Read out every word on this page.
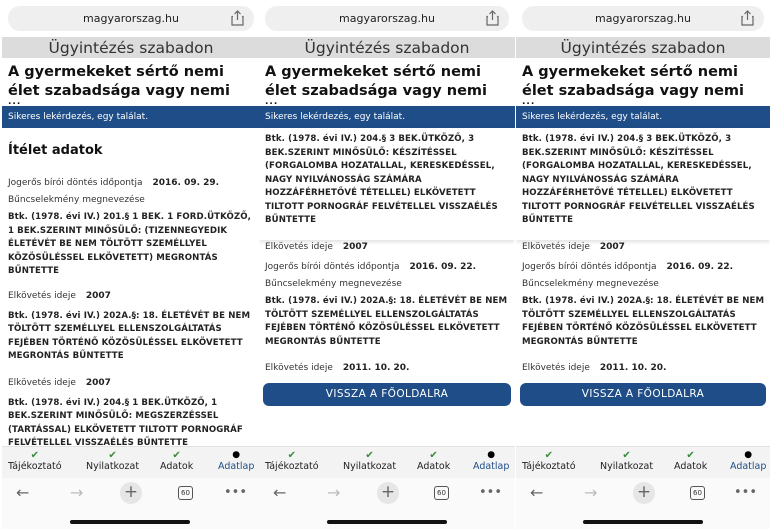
magyarorszag.hu
Ügyintézés szabadon
A gyermekeket sértő nemi élet szabadsága vagy nemi
...
Sikeres lekérdezés, egy találat.
Ítélet adatok
Jogerős bírói döntés időpontja 2016. 09. 29.
Bűncselekmény megnevezése
Btk. (1978. évi IV.) 201.§ 1 BEK. 1 FORD.ÜTKÖZŐ, 1 BEK.SZERINT MINŐSÜLŐ: (TIZENNEGYEDIK ÉLETÉVÉT BE NEM TÖLTÖTT SZEMÉLLYEL KÖZÖSÜLÉSSEL ELKÖVETETT) MEGRONTÁS BŰNTETTE
Elkövetés ideje 2007
Btk. (1978. évi IV.) 202A.§: 18. ÉLETÉVÉT BE NEM TÖLTÖTT SZEMÉLLYEL ELLENSZOLGÁLTATÁS FEJÉBEN TÖRTÉNŐ KÖZÖSÜLÉSSEL ELKÖVETETT MEGRONTÁS BŰNTETTE
Elkövetés ideje 2007
Btk. (1978. évi IV.) 204.§ 1 BEK.ÜTKÖZŐ, 1 BEK.SZERINT MINŐSÜLŐ: MEGSZERZÉSSEL (TARTÁSSAL) ELKÖVETETT TILTOTT PORNOGRÁF FELVÉTELLEL VISSZAÉLÉS BŰNTETTE
✔
Tájékoztató
✔
Nyilatkozat
✔
Adatok
●
Adatlap
←	→ +	60	•••
magyarorszag.hu
Ügyintézés szabadon
A gyermekeket sértő nemi élet szabadsága vagy nemi
...
Sikeres lekérdezés, egy találat.
Btk. (1978. évi IV.) 204.§ 3 BEK.ÜTKÖZŐ, 3 BEK.SZERINT MINŐSÜLŐ: KÉSZÍTÉSSEL (FORGALOMBA HOZATALLAL, KERESKEDÉSSEL, NAGY NYILVÁNOSSÁG SZÁMÁRA HOZZÁFÉRHETŐVÉ TÉTELLEL) ELKÖVETETT TILTOTT PORNOGRÁF FELVÉTELLEL VISSZAÉLÉS BŰNTETTE
Elkövetés ideje 2007
Jogerős bírói döntés időpontja 2016. 09. 22.
Bűncselekmény megnevezése
Btk. (1978. évi IV.) 202A.§: 18. ÉLETÉVÉT BE NEM TÖLTÖTT SZEMÉLLYEL ELLENSZOLGÁLTATÁS FEJÉBEN TÖRTÉNŐ KÖZÖSÜLÉSSEL ELKÖVETETT MEGRONTÁS BŰNTETTE
Elkövetés ideje 2011. 10. 20.
VISSZA A FŐOLDALRA
✔
Tájékoztató
✔
Nyilatkozat
✔
Adatok
●
Adatlap
←	→ +	60	•••
magyarorszag.hu
Ügyintézés szabadon
A gyermekeket sértő nemi élet szabadsága vagy nemi
...
Sikeres lekérdezés, egy találat.
Btk. (1978. évi IV.) 204.§ 3 BEK.ÜTKÖZŐ, 3 BEK.SZERINT MINŐSÜLŐ: KÉSZÍTÉSSEL (FORGALOMBA HOZATALLAL, KERESKEDÉSSEL, NAGY NYILVÁNOSSÁG SZÁMÁRA HOZZÁFÉRHETŐVÉ TÉTELLEL) ELKÖVETETT TILTOTT PORNOGRÁF FELVÉTELLEL VISSZAÉLÉS BŰNTETTE
Elkövetés ideje 2007
Jogerős bírói döntés időpontja 2016. 09. 22.
Bűncselekmény megnevezése
Btk. (1978. évi IV.) 202A.§: 18. ÉLETÉVÉT BE NEM TÖLTÖTT SZEMÉLLYEL ELLENSZOLGÁLTATÁS FEJÉBEN TÖRTÉNŐ KÖZÖSÜLÉSSEL ELKÖVETETT MEGRONTÁS BŰNTETTE
Elkövetés ideje 2011. 10. 20.
VISSZA A FŐOLDALRA
✔
Tájékoztató
✔
Nyilatkozat
✔
Adatok
●
Adatlap
←	→ +	60 •••
